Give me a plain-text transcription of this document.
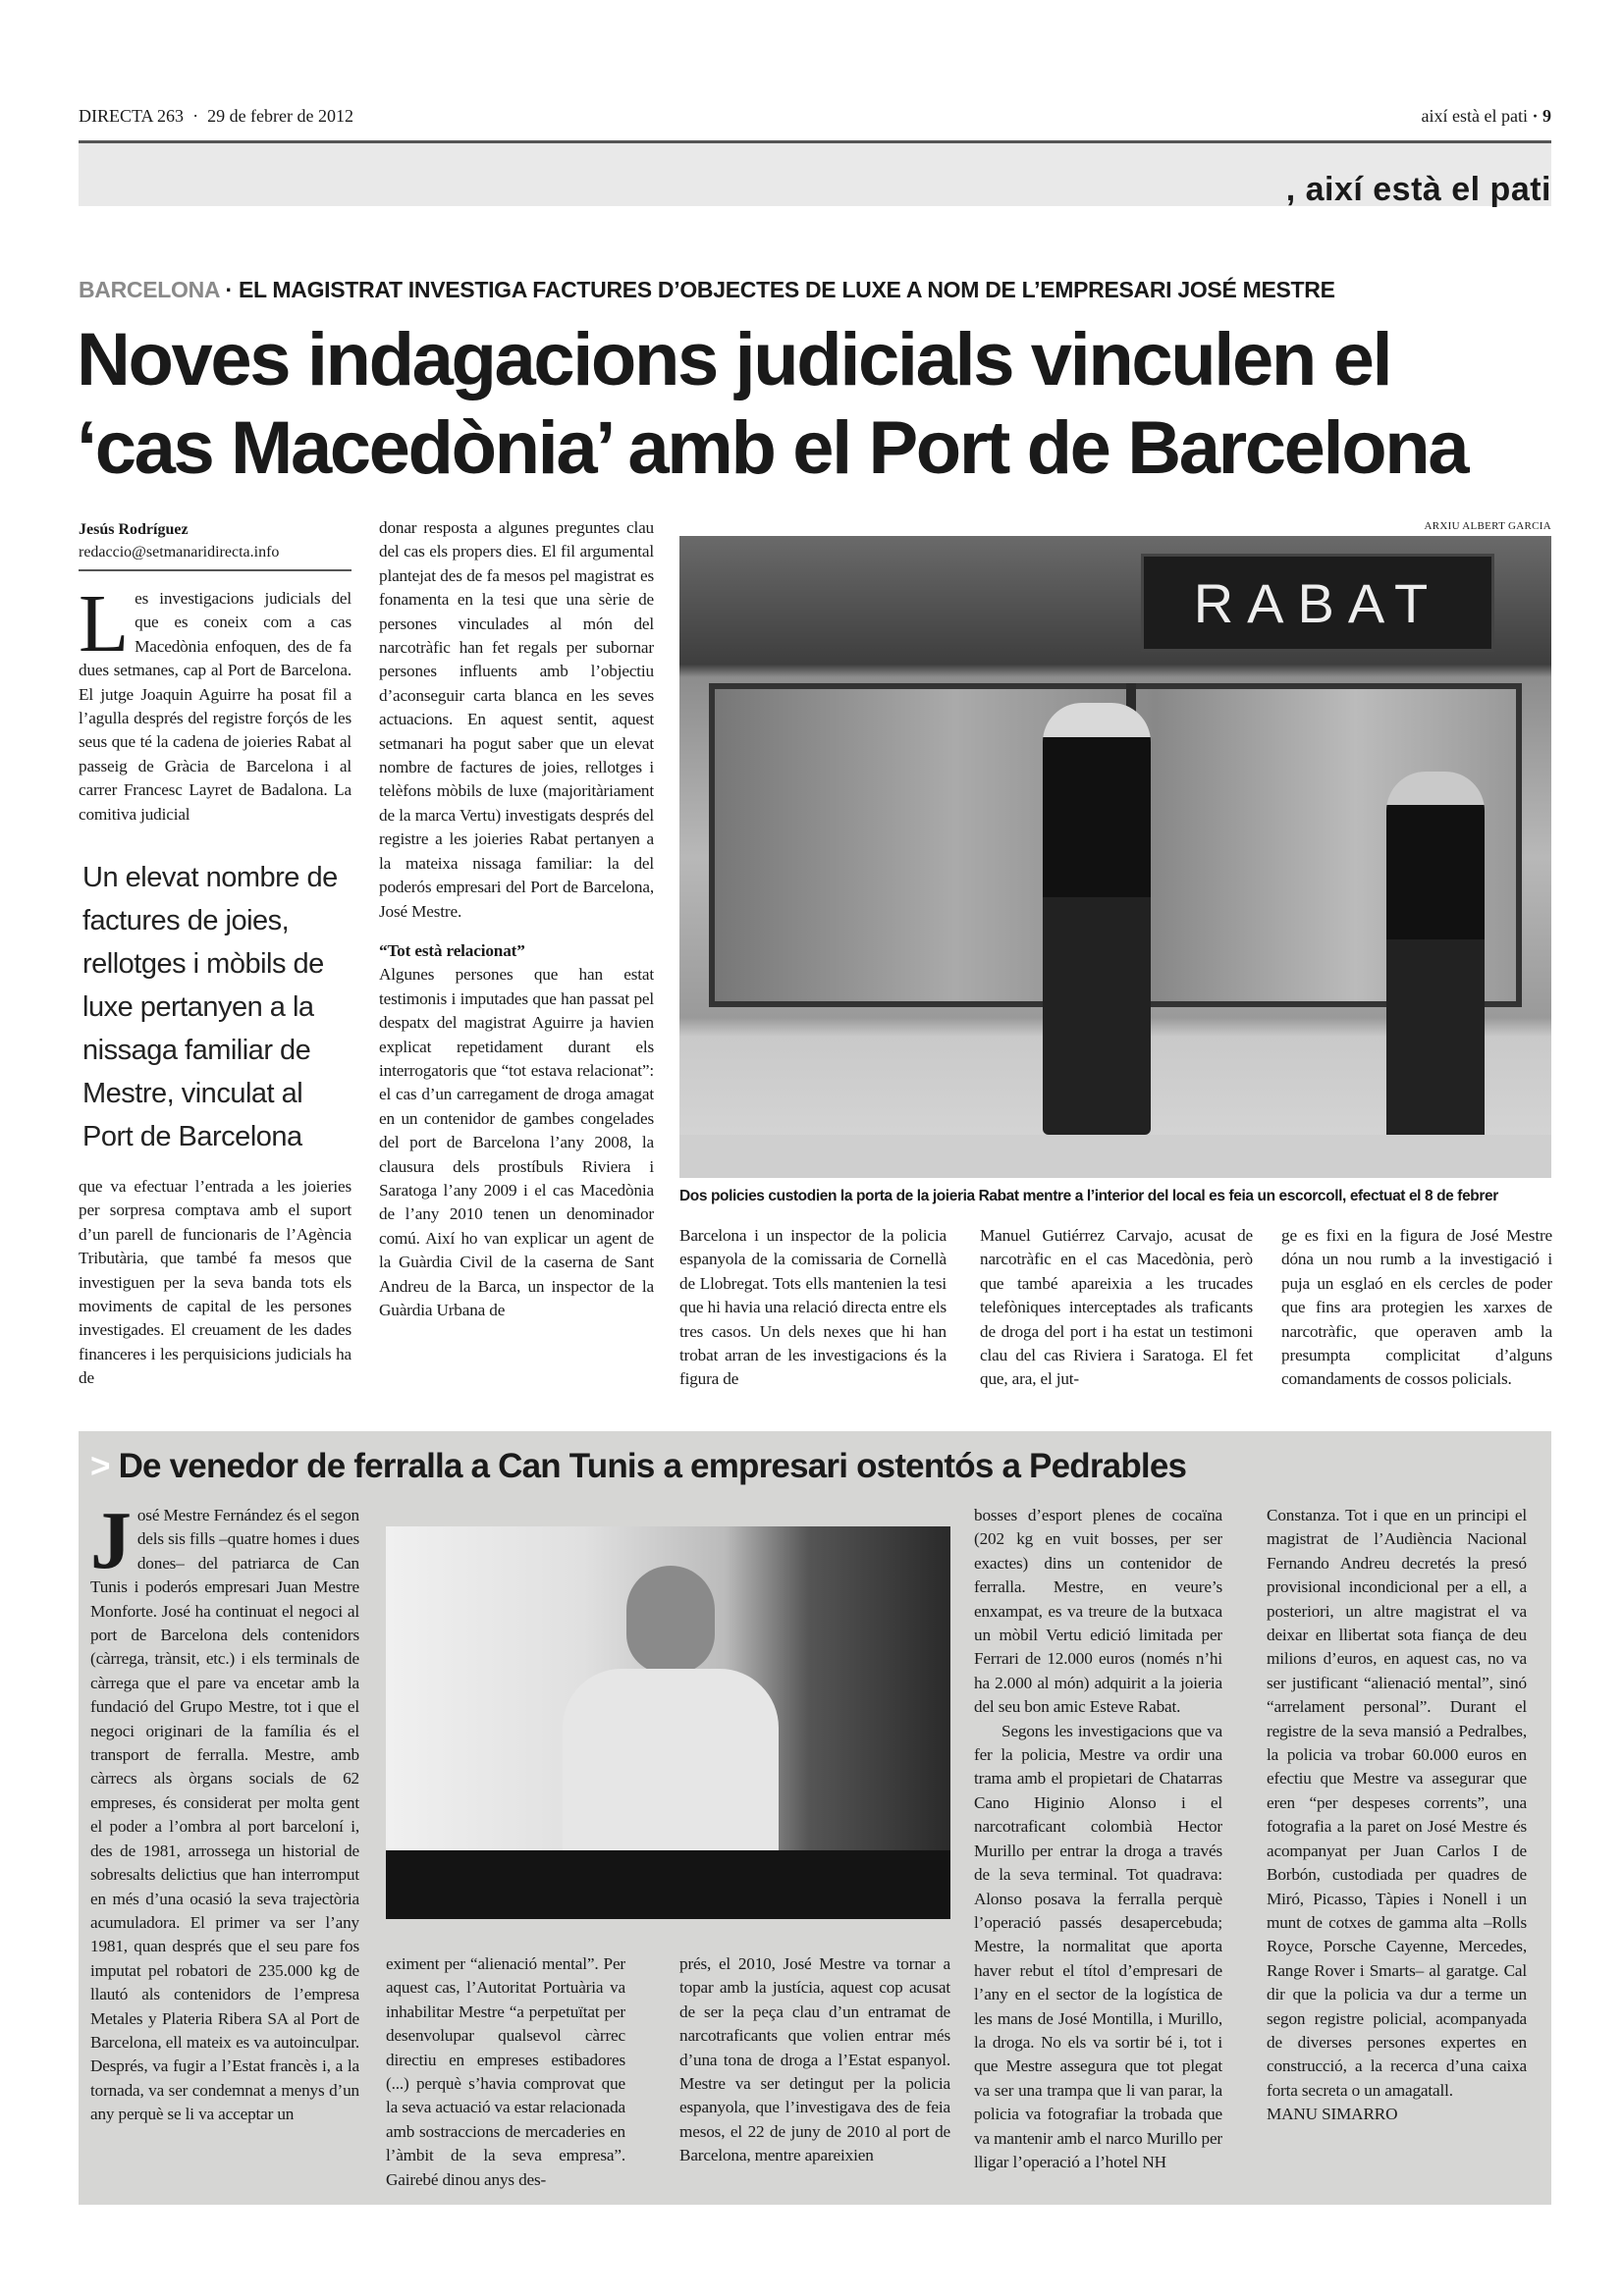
DIRECTA 263  ·  29 de febrer de 2012	així està el pati · 9
, així està el pati
BARCELONA · EL MAGISTRAT INVESTIGA FACTURES D’OBJECTES DE LUXE A NOM DE L’EMPRESARI JOSÉ MESTRE
Noves indagacions judicials vinculen el
‘cas Macedònia’ amb el Port de Barcelona
Jesús Rodríguez
redaccio@setmanaridirecta.info
L es investigacions judicials del que es coneix com a cas Macedònia enfoquen, des de fa dues setmanes, cap al Port de Barcelona. El jutge Joaquin Aguirre ha posat fil a l’agulla després del registre forçós de les seus que té la cadena de joieries Rabat al passeig de Gràcia de Barcelona i al carrer Francesc Layret de Badalona. La comitiva judicial
Un elevat nombre de factures de joies, rellotges i mòbils de luxe pertanyen a la nissaga familiar de Mestre, vinculat al Port de Barcelona
que va efectuar l’entrada a les joieries per sorpresa comptava amb el suport d’un parell de funcionaris de l’Agència Tributària, que també fa mesos que investiguen per la seva banda tots els moviments de capital de les persones investigades. El creuament de les dades financeres i les perquisicions judicials ha de

donar resposta a algunes preguntes clau del cas els propers dies. El fil argumental plantejat des de fa mesos pel magistrat es fonamenta en la tesi que una sèrie de persones vinculades al món del narcotràfic han fet regals per subornar persones influents amb l’objectiu d’aconseguir carta blanca en les seves actuacions. En aquest sentit, aquest setmanari ha pogut saber que un elevat nombre de factures de joies, rellotges i telèfons mòbils de luxe (majoritàriament de la marca Vertu) investigats després del registre a les joieries Rabat pertanyen a la mateixa nissaga familiar: la del poderós empresari del Port de Barcelona, José Mestre.

“Tot està relacionat”

Algunes persones que han estat testimonis i imputades que han passat pel despatx del magistrat Aguirre ja havien explicat repetidament durant els interrogatoris que “tot estava relacionat”: el cas d’un carregament de droga amagat en un contenidor de gambes congelades del port de Barcelona l’any 2008, la clausura dels prostíbuls Riviera i Saratoga l’any 2009 i el cas Macedònia de l’any 2010 tenen un denominador comú. Així ho van explicar un agent de la Guàrdia Civil de la caserna de Sant Andreu de la Barca, un inspector de la Guàrdia Urbana de

ARXIU ALBERT GARCIA
RABAT
Dos policies custodien la porta de la joieria Rabat mentre a l’interior del local es feia un escorcoll, efectuat el 8 de febrer
Barcelona i un inspector de la policia espanyola de la comissaria de Cornellà de Llobregat. Tots ells mantenien la tesi que hi havia una relació directa entre els tres casos. Un dels nexes que hi han trobat arran de les investigacions és la figura de
Manuel Gutiérrez Carvajo, acusat de narcotràfic en el cas Macedònia, però que també apareixia a les trucades telefòniques interceptades als traficants de droga del port i ha estat un testimoni clau del cas Riviera i Saratoga. El fet que, ara, el jut-
ge es fixi en la figura de José Mestre dóna un nou rumb a la investigació i puja un esglaó en els cercles de poder que fins ara protegien les xarxes de narcotràfic, que operaven amb la presumpta complicitat d’alguns comandaments de cossos policials.
> De venedor de ferralla a Can Tunis a empresari ostentós a Pedrables
J osé Mestre Fernández és el segon dels sis fills –quatre homes i dues dones– del patriarca de Can Tunis i poderós empresari Juan Mestre Monforte. José ha continuat el negoci al port de Barcelona dels contenidors (càrrega, trànsit, etc.) i els terminals de càrrega que el pare va encetar amb la fundació del Grupo Mestre, tot i que el negoci originari de la família és el transport de ferralla. Mestre, amb càrrecs als òrgans socials de 62 empreses, és considerat per molta gent el poder a l’ombra al port barceloní i, des de 1981, arrossega un historial de sobresalts delictius que han interromput en més d’una ocasió la seva trajectòria acumuladora. El primer va ser l’any 1981, quan després que el seu pare fos imputat pel robatori de 235.000 kg de llautó als contenidors de l’empresa Metales y Plateria Ribera SA al Port de Barcelona, ell mateix es va autoinculpar. Després, va fugir a l’Estat francès i, a la tornada, va ser condemnat a menys d’un any perquè se li va acceptar un
eximent per “alienació mental”. Per aquest cas, l’Autoritat Portuària va inhabilitar Mestre “a perpetuïtat per desenvolupar qualsevol càrrec directiu en empreses estibadores (...) perquè s’havia comprovat que la seva actuació va estar relacionada amb sostraccions de mercaderies en l’àmbit de la seva empresa”. Gairebé dinou anys des-
prés, el 2010, José Mestre va tornar a topar amb la justícia, aquest cop acusat de ser la peça clau d’un entramat de narcotraficants que volien entrar més d’una tona de droga a l’Estat espanyol. Mestre va ser detingut per la policia espanyola, que l’investigava des de feia mesos, el 22 de juny de 2010 al port de Barcelona, mentre apareixien

bosses d’esport plenes de cocaïna (202 kg en vuit bosses, per ser exactes) dins un contenidor de ferralla. Mestre, en veure’s enxampat, es va treure de la butxaca un mòbil Vertu edició limitada per Ferrari de 12.000 euros (només n’hi ha 2.000 al món) adquirit a la joieria del seu bon amic Esteve Rabat.

Segons les investigacions que va fer la policia, Mestre va ordir una trama amb el propietari de Chatarras Cano Higinio Alonso i el narcotraficant colombià Hector Murillo per entrar la droga a través de la seva terminal. Tot quadrava: Alonso posava la ferralla perquè l’operació passés desapercebuda; Mestre, la normalitat que aporta haver rebut el títol d’empresari de l’any en el sector de la logística de les mans de José Montilla, i Murillo, la droga. No els va sortir bé i, tot i que Mestre assegura que tot plegat va ser una trampa que li van parar, la policia va fotografiar la trobada que va mantenir amb el narco Murillo per lligar l’operació a l’hotel NH

Constanza. Tot i que en un principi el magistrat de l’Audiència Nacional Fernando Andreu decretés la presó provisional incondicional per a ell, a posteriori, un altre magistrat el va deixar en llibertat sota fiança de deu milions d’euros, en aquest cas, no va ser justificant “alienació mental”, sinó “arrelament personal”. Durant el registre de la seva mansió a Pedralbes, la policia va trobar 60.000 euros en efectiu que Mestre va assegurar que eren “per despeses corrents”, una fotografia a la paret on José Mestre és acompanyat per Juan Carlos I de Borbón, custodiada per quadres de Miró, Picasso, Tàpies i Nonell i un munt de cotxes de gamma alta –Rolls Royce, Porsche Cayenne, Mercedes, Range Rover i Smarts– al garatge. Cal dir que la policia va dur a terme un segon registre policial, acompanyada de diverses persones expertes en construcció, a la recerca d’una caixa forta secreta o un amagatall.

MANU SIMARRO
